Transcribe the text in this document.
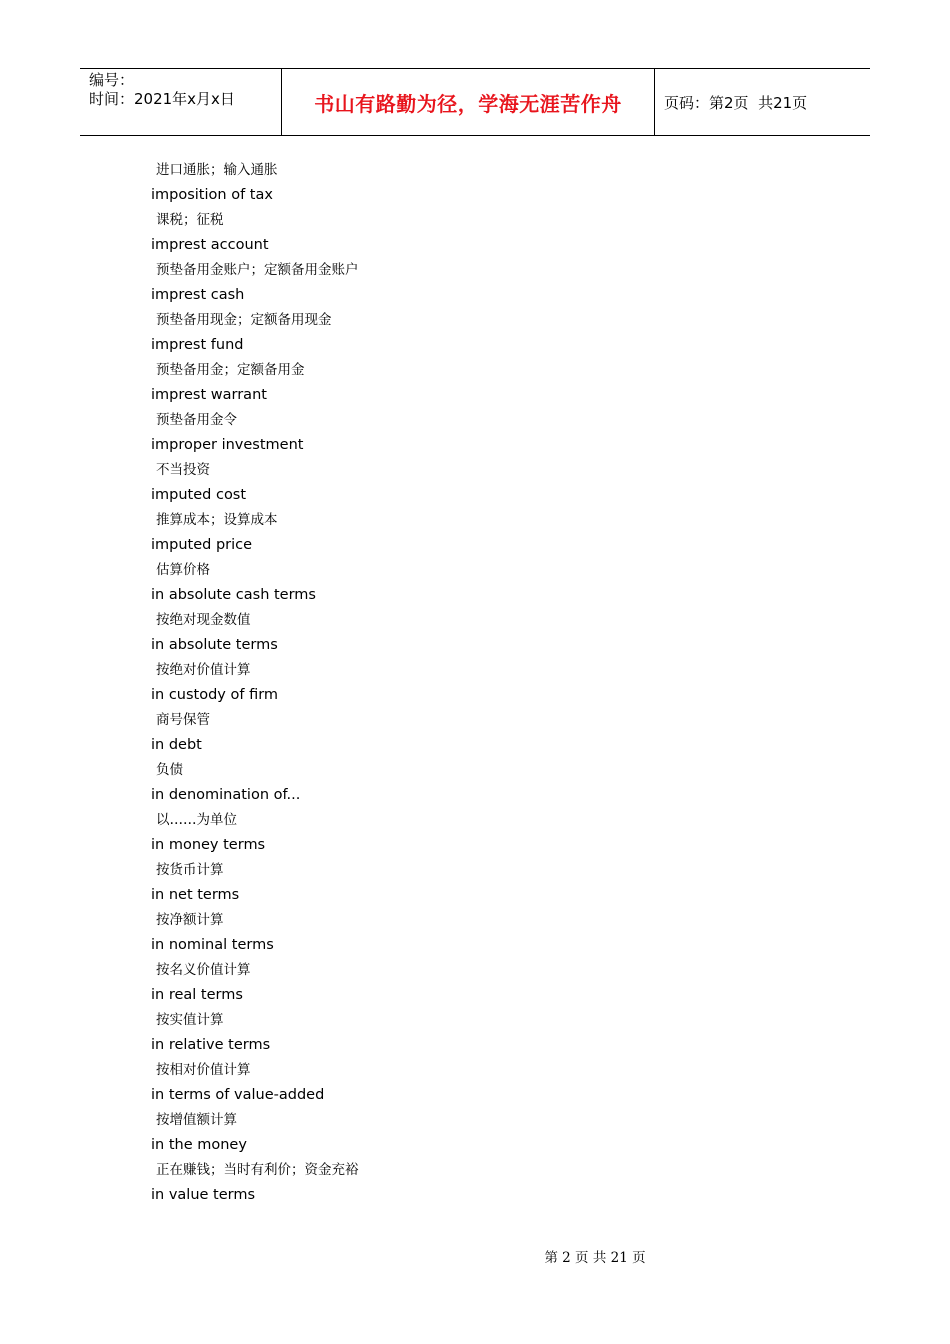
编号：
时间：2021年x月x日	书山有路勤为径，学海无涯苦作舟	页码：第2页  共21页
进口通胀；输入通胀
imposition of tax
课税；征税
imprest account
预垫备用金账户；定额备用金账户
imprest cash
预垫备用现金；定额备用现金
imprest fund
预垫备用金；定额备用金
imprest warrant
预垫备用金令
improper investment
不当投资
imputed cost
推算成本；设算成本
imputed price
估算价格
in absolute cash terms
按绝对现金数值
in absolute terms
按绝对价值计算
in custody of firm
商号保管
in debt
负债
in denomination of...
以……为单位
in money terms
按货币计算
in net terms
按净额计算
in nominal terms
按名义价值计算
in real terms
按实值计算
in relative terms
按相对价值计算
in terms of value-added
按增值额计算
in the money
正在赚钱；当时有利价；资金充裕
in value terms
第 2 页 共 21 页
